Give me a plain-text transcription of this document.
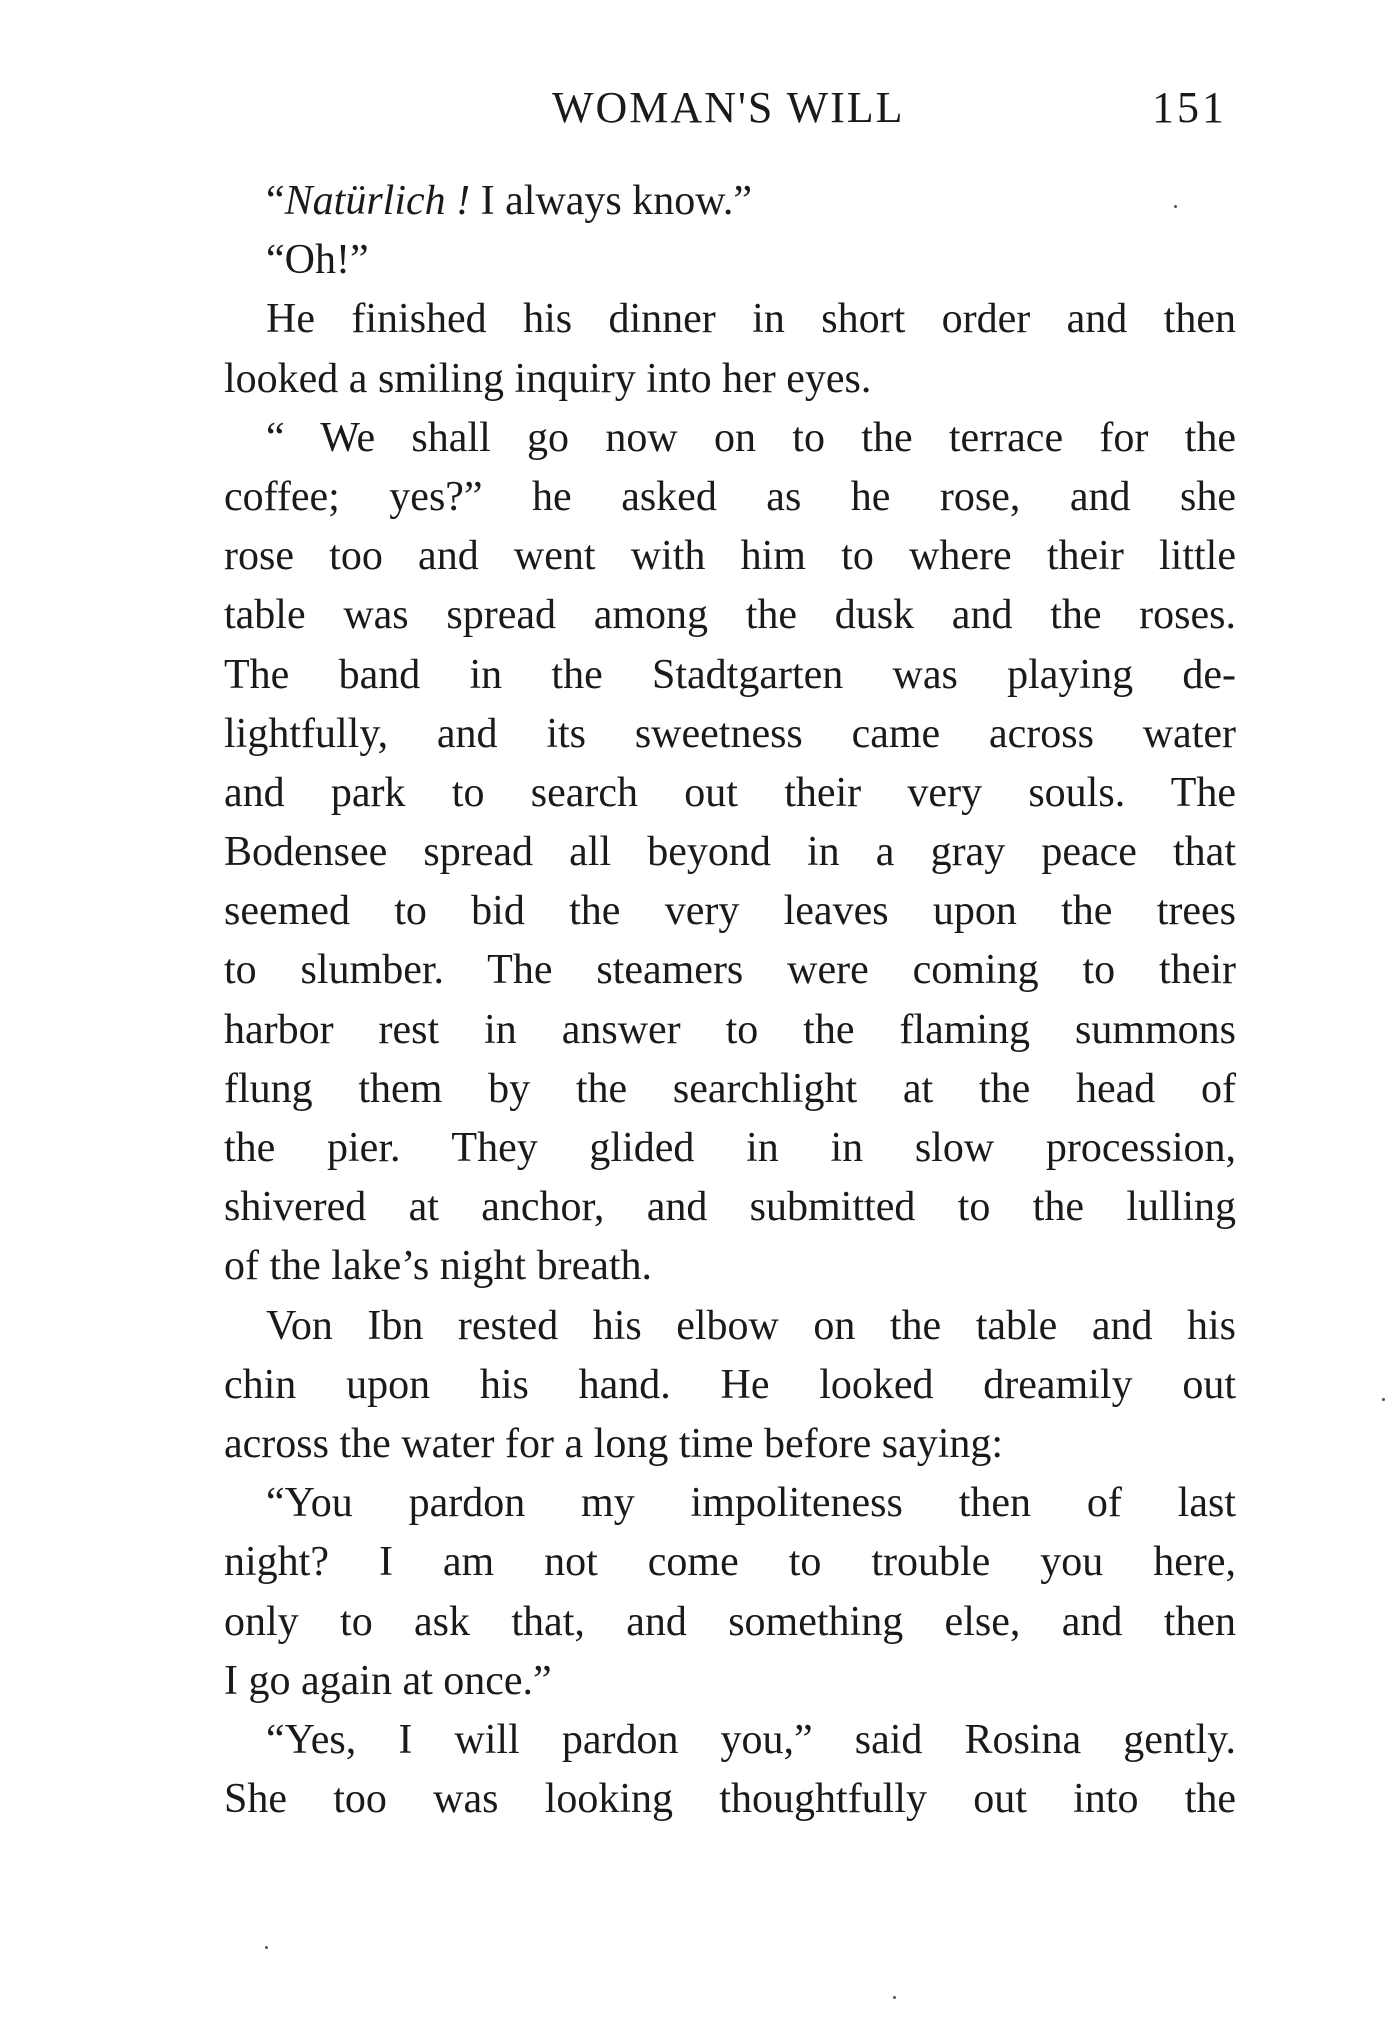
WOMAN'S WILL	151
“Natürlich ! I always know.”
“Oh!”
He finished his dinner in short order and then
looked a smiling inquiry into her eyes.
“ We shall go now on to the terrace for the
coffee; yes?” he asked as he rose, and she
rose too and went with him to where their little
table was spread among the dusk and the roses.
The band in the Stadtgarten was playing de-
lightfully, and its sweetness came across water
and park to search out their very souls. The
Bodensee spread all beyond in a gray peace that
seemed to bid the very leaves upon the trees
to slumber. The steamers were coming to their
harbor rest in answer to the flaming summons
flung them by the searchlight at the head of
the pier. They glided in in slow procession,
shivered at anchor, and submitted to the lulling
of the lake’s night breath.
Von Ibn rested his elbow on the table and his
chin upon his hand. He looked dreamily out
across the water for a long time before saying:
“You pardon my impoliteness then of last
night? I am not come to trouble you here,
only to ask that, and something else, and then
I go again at once.”
“Yes, I will pardon you,” said Rosina gently.
She too was looking thoughtfully out into the
